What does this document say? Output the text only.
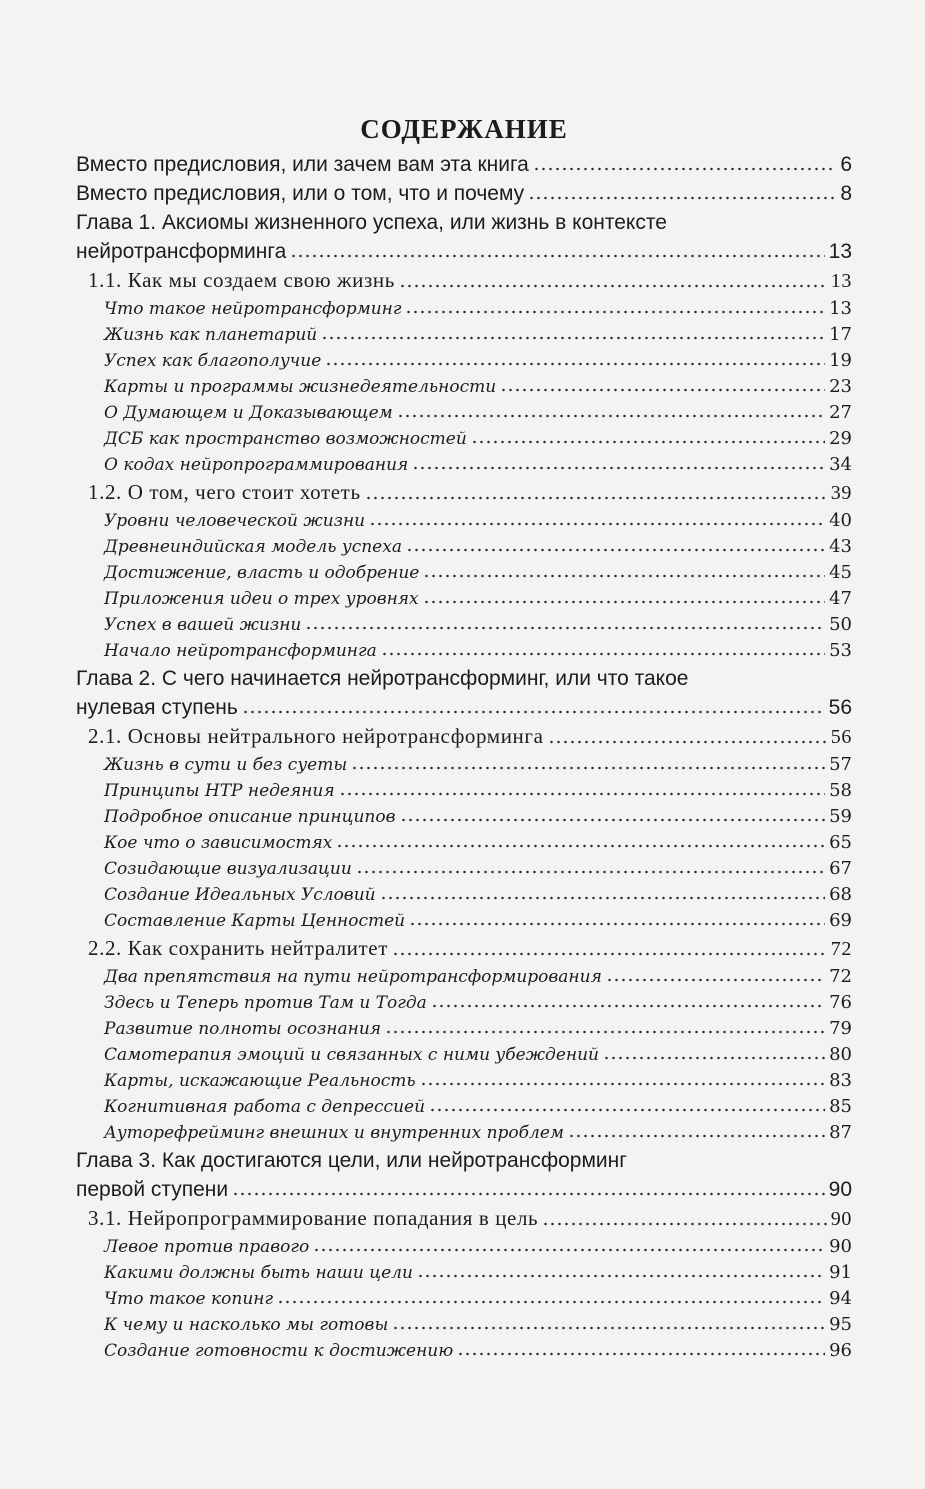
СОДЕРЖАНИЕ
Вместо предисловия, или зачем вам эта книга	6
Вместо предисловия, или о том, что и почему	8
Глава 1. Аксиомы жизненного успеха, или жизнь в контексте
нейротрансформинга	13
1.1. Как мы создаем свою жизнь	13
Что такое нейротрансформинг	13
Жизнь как планетарий	17
Успех как благополучие	19
Карты и программы жизнедеятельности	23
О Думающем и Доказывающем	27
ДСБ как пространство возможностей	29
О кодах нейропрограммирования	34
1.2. О том, чего стоит хотеть	39
Уровни человеческой жизни	40
Древнеиндийская модель успеха	43
Достижение, власть и одобрение	45
Приложения идеи о трех уровнях	47
Успех в вашей жизни	50
Начало нейротрансформинга	53
Глава 2. С чего начинается нейротрансформинг, или что такое
нулевая ступень	56
2.1. Основы нейтрального нейротрансформинга	56
Жизнь в сути и без суеты	57
Принципы НТР недеяния	58
Подробное описание принципов	59
Кое что о зависимостях	65
Созидающие визуализации	67
Создание Идеальных Условий	68
Составление Карты Ценностей	69
2.2. Как сохранить нейтралитет	72
Два препятствия на пути нейротрансформирования	72
Здесь и Теперь против Там и Тогда	76
Развитие полноты осознания	79
Самотерапия эмоций и связанных с ними убеждений	80
Карты, искажающие Реальность	83
Когнитивная работа с депрессией	85
Ауторефрейминг внешних и внутренних проблем	87
Глава 3. Как достигаются цели, или нейротрансформинг
первой ступени	90
3.1. Нейропрограммирование попадания в цель	90
Левое против правого	90
Какими должны быть наши цели	91
Что такое копинг	94
К чему и насколько мы готовы	95
Создание готовности к достижению	96
